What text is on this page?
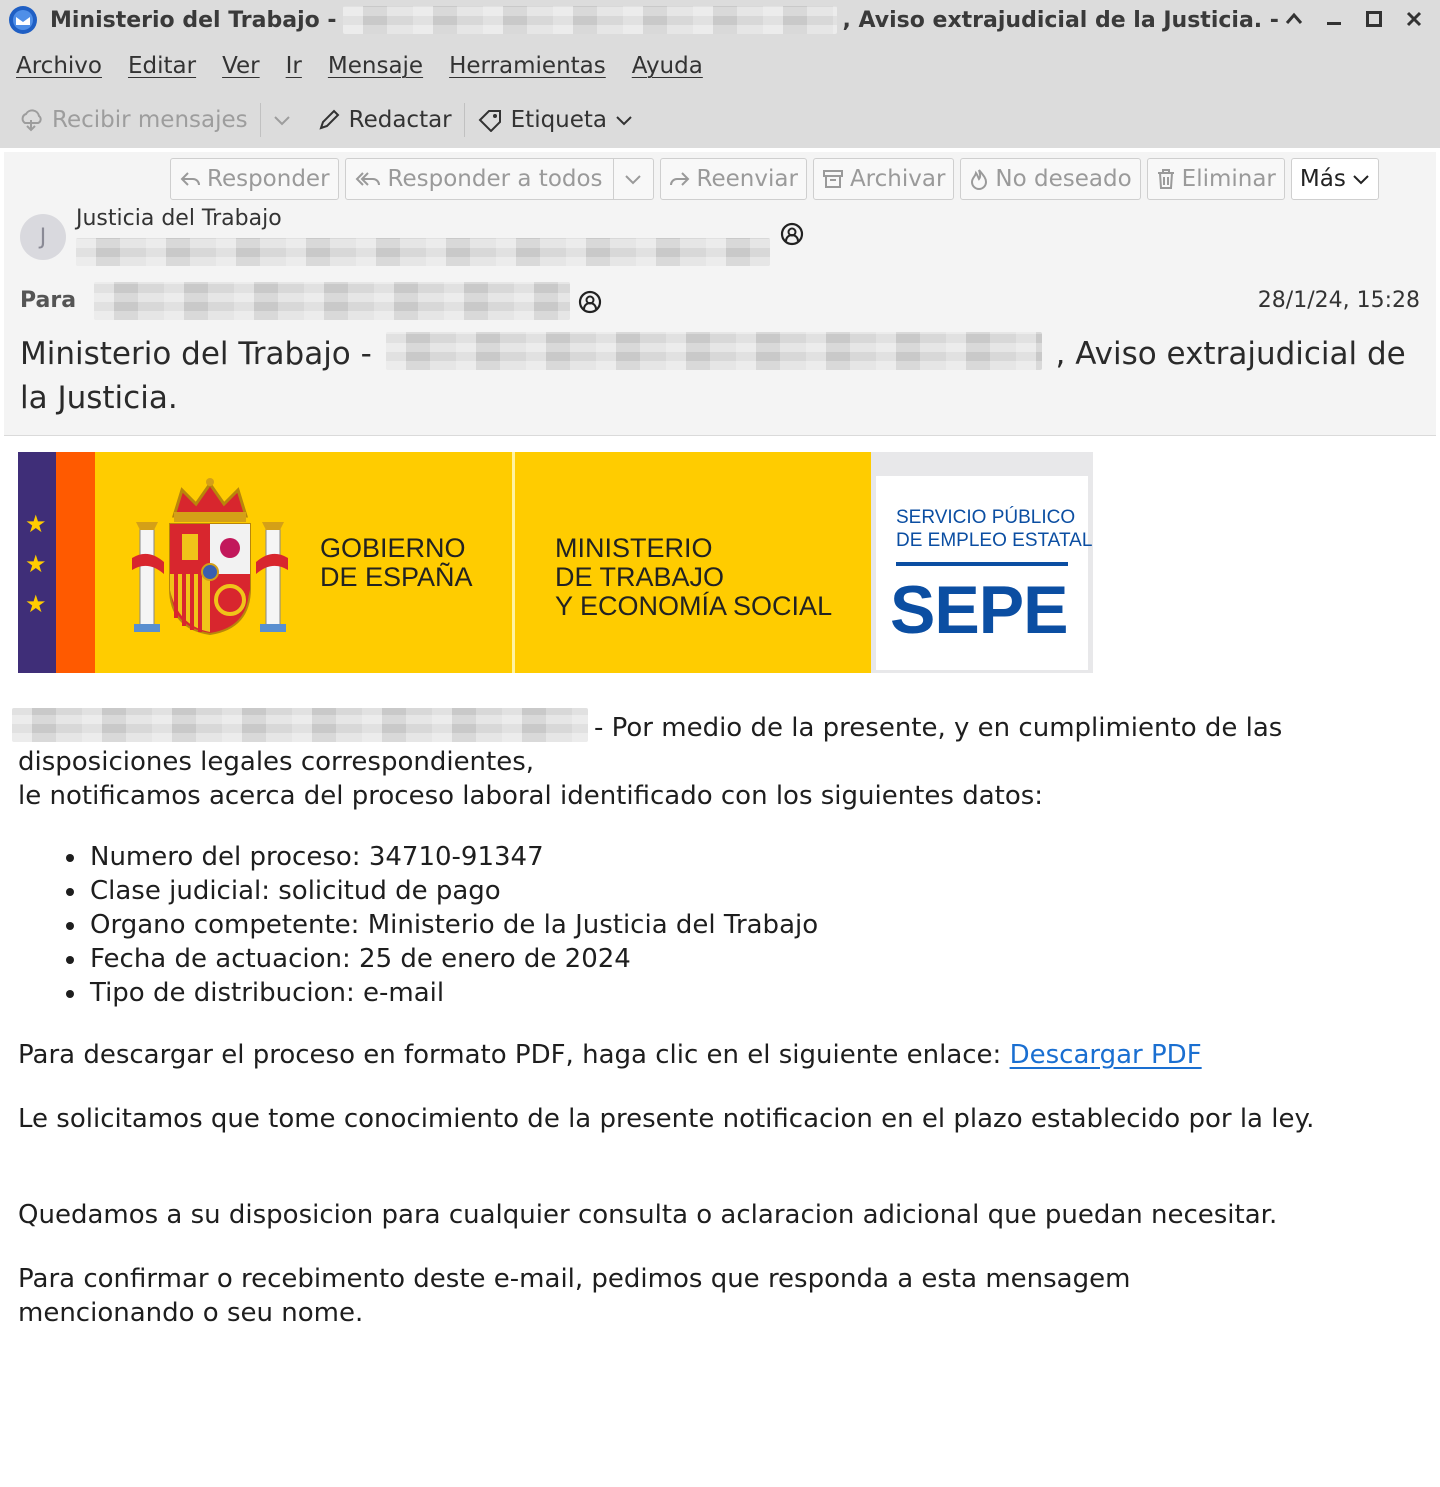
Ministerio del Trabajo -	, Aviso extrajudicial de la Justicia. -
Archivo Editar Ver Ir Mensaje Herramientas Ayuda
Recibir mensajes	Redactar	Etiqueta
Responder	Responder a todos	Reenviar Archivar No deseado Eliminar Más
J
Justicia del Trabajo
Para	28/1/24, 15:28
Ministerio del Trabajo -	, Aviso extrajudicial de la Justicia.
★
★
★
GOBIERNO
DE ESPAÑA
MINISTERIO
DE TRABAJO
Y ECONOMÍA SOCIAL
SERVICIO PÚBLICO
DE EMPLEO ESTATAL
SEPE
- Por medio de la presente, y en cumplimiento de las
disposiciones legales correspondientes,
le notificamos acerca del proceso laboral identificado con los siguientes datos:
Numero del proceso: 34710-91347
Clase judicial: solicitud de pago
Organo competente: Ministerio de la Justicia del Trabajo
Fecha de actuacion: 25 de enero de 2024
Tipo de distribucion: e-mail
Para descargar el proceso en formato PDF, haga clic en el siguiente enlace: Descargar PDF
Le solicitamos que tome conocimiento de la presente notificacion en el plazo establecido por la ley.
Quedamos a su disposicion para cualquier consulta o aclaracion adicional que puedan necesitar.
Para confirmar o recebimento deste e-mail, pedimos que responda a esta mensagem mencionando o seu nome.
